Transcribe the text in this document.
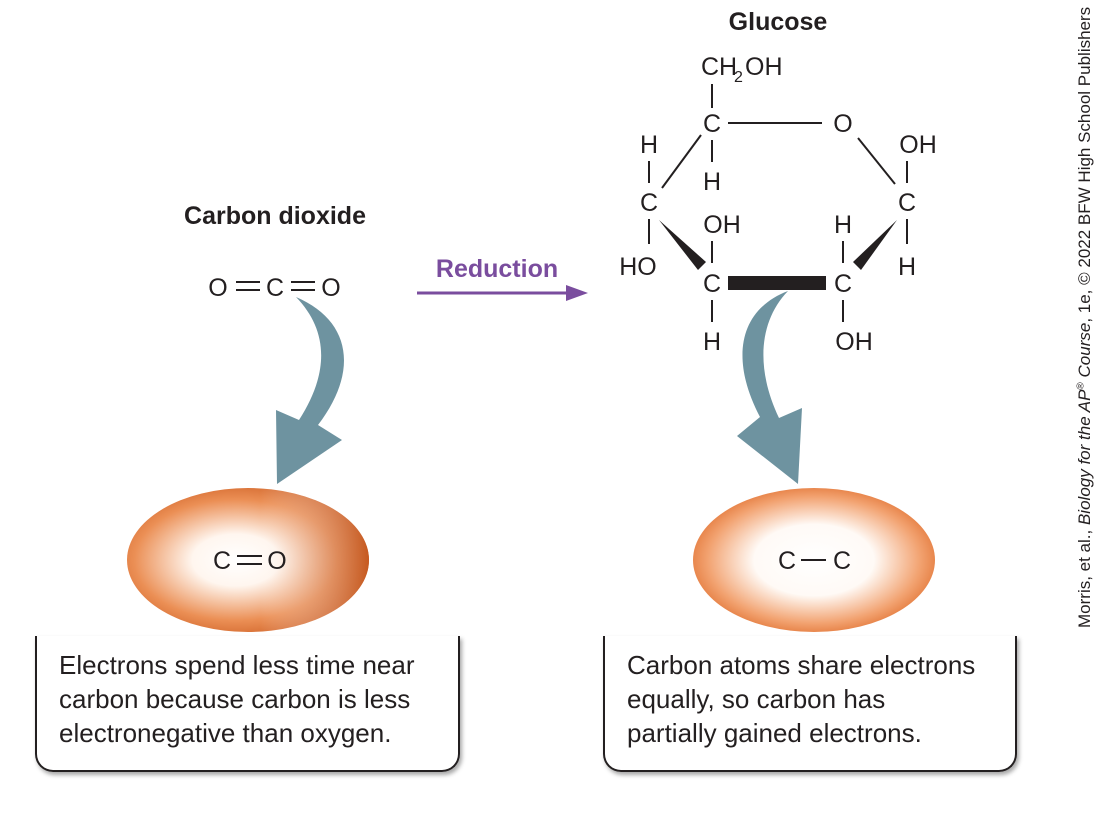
Carbon dioxide
O C O
C O
Reduction
Glucose
CH
2 OH
C
H
O
OH
C
H
H
C
HO
OH
C
H
H
C
OH
C C
Electrons spend less time near
carbon because carbon is less
electronegative than oxygen.
Carbon atoms share electrons
equally, so carbon has
partially gained electrons.
Morris, et al., Biology for the AP® Course, 1e, © 2022 BFW High School Publishers
